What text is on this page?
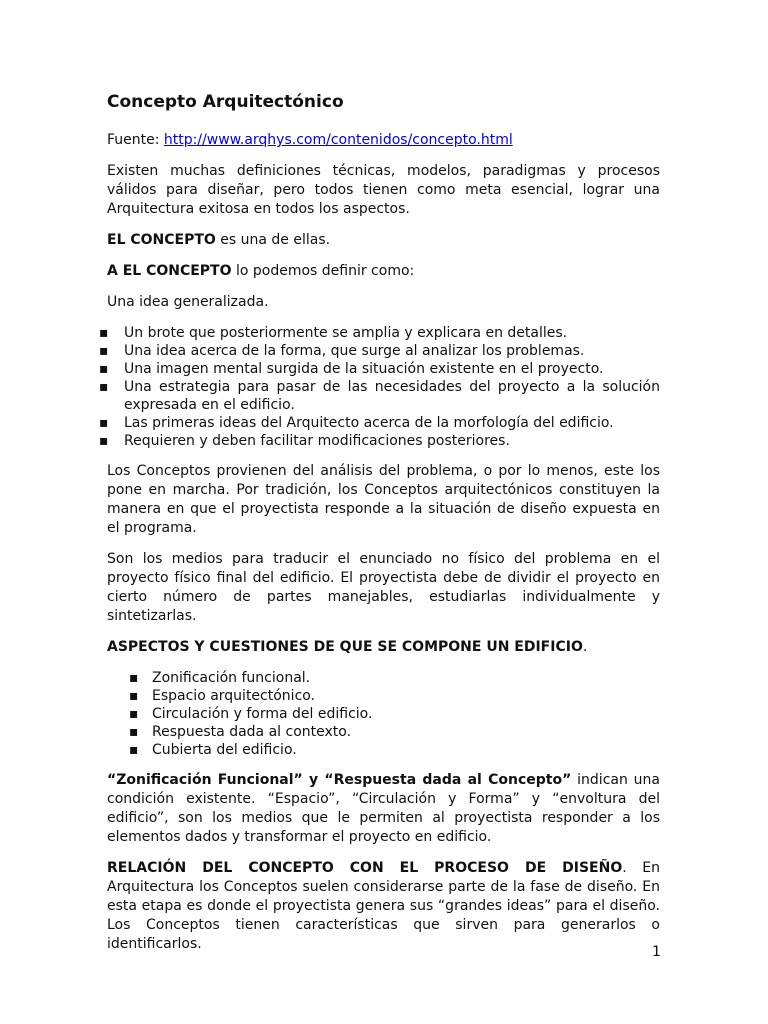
Concepto Arquitectónico

Fuente: http://www.arqhys.com/contenidos/concepto.html

Existen muchas definiciones técnicas, modelos, paradigmas y procesos válidos para diseñar, pero todos tienen como meta esencial, lograr una Arquitectura exitosa en todos los aspectos.

EL CONCEPTO es una de ellas.

A EL CONCEPTO lo podemos definir como:

Una idea generalizada.

▪ Un brote que posteriormente se amplia y explicara en detalles.
▪ Una idea acerca de la forma, que surge al analizar los problemas.
▪ Una imagen mental surgida de la situación existente en el proyecto.
▪ Una estrategia para pasar de las necesidades del proyecto a la solución expresada en el edificio.
▪ Las primeras ideas del Arquitecto acerca de la morfología del edificio.
▪ Requieren y deben facilitar modificaciones posteriores.

Los Conceptos provienen del análisis del problema, o por lo menos, este los pone en marcha. Por tradición, los Conceptos arquitectónicos constituyen la manera en que el proyectista responde a la situación de diseño expuesta en el programa.

Son los medios para traducir el enunciado no físico del problema en el proyecto físico final del edificio. El proyectista debe de dividir el proyecto en cierto número de partes manejables, estudiarlas individualmente y sintetizarlas.

ASPECTOS Y CUESTIONES DE QUE SE COMPONE UN EDIFICIO.

▪ Zonificación funcional.
▪ Espacio arquitectónico.
▪ Circulación y forma del edificio.
▪ Respuesta dada al contexto.
▪ Cubierta del edificio.

“Zonificación Funcional” y “Respuesta dada al Concepto” indican una condición existente. “Espacio”, “Circulación y Forma” y “envoltura del edificio”, son los medios que le permiten al proyectista responder a los elementos dados y transformar el proyecto en edificio.

RELACIÓN DEL CONCEPTO CON EL PROCESO DE DISEÑO. En Arquitectura los Conceptos suelen considerarse parte de la fase de diseño. En esta etapa es donde el proyectista genera sus “grandes ideas” para el diseño. Los Conceptos tienen características que sirven para generarlos o identificarlos.	1
